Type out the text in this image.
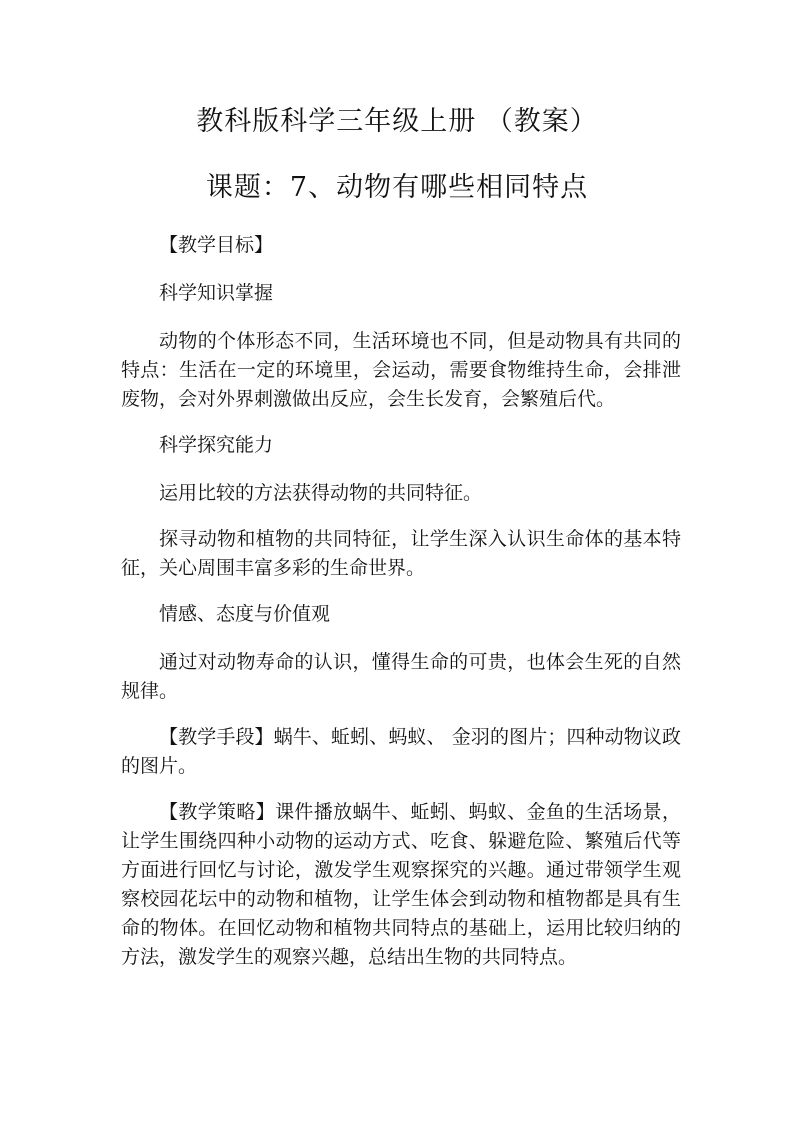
教科版科学三年级上册 （教案）
课题：7、动物有哪些相同特点

【教学目标】

科学知识掌握

动物的个体形态不同，生活环境也不同，但是动物具有共同的特点：生活在一定的环境里，会运动，需要食物维持生命，会排泄废物，会对外界刺激做出反应，会生长发育，会繁殖后代。

科学探究能力

运用比较的方法获得动物的共同特征。

探寻动物和植物的共同特征，让学生深入认识生命体的基本特征，关心周围丰富多彩的生命世界。

情感、态度与价值观

通过对动物寿命的认识，懂得生命的可贵，也体会生死的自然规律。

【教学手段】蜗牛、蚯蚓、蚂蚁、 金羽的图片；四种动物议政的图片。

【教学策略】课件播放蜗牛、蚯蚓、蚂蚁、金鱼的生活场景，让学生围绕四种小动物的运动方式、吃食、躲避危险、繁殖后代等方面进行回忆与讨论，激发学生观察探究的兴趣。通过带领学生观察校园花坛中的动物和植物，让学生体会到动物和植物都是具有生命的物体。在回忆动物和植物共同特点的基础上，运用比较归纳的方法，激发学生的观察兴趣，总结出生物的共同特点。
